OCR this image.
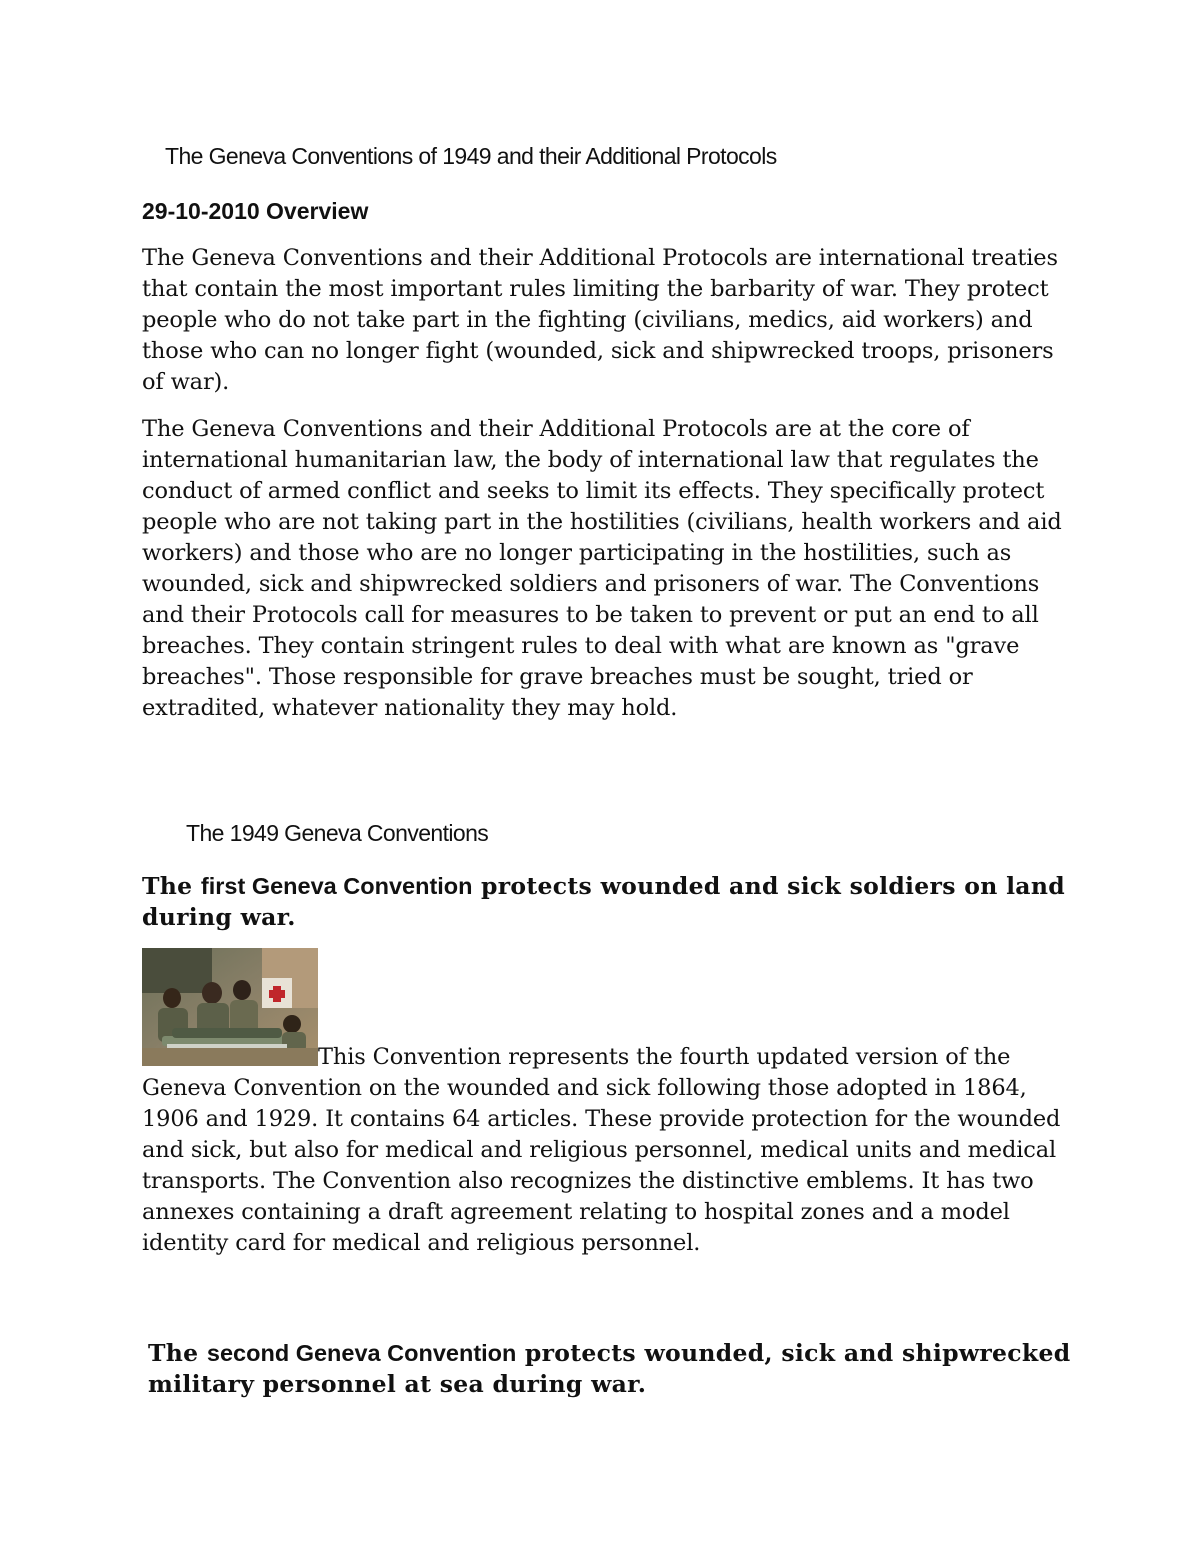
The Geneva Conventions of 1949 and their Additional Protocols
29-10-2010 Overview

The Geneva Conventions and their Additional Protocols are international treaties that contain the most important rules limiting the barbarity of war. They protect people who do not take part in the fighting (civilians, medics, aid workers) and those who can no longer fight (wounded, sick and shipwrecked troops, prisoners of war).

The Geneva Conventions and their Additional Protocols are at the core of international humanitarian law, the body of international law that regulates the conduct of armed conflict and seeks to limit its effects. They specifically protect people who are not taking part in the hostilities (civilians, health workers and aid workers) and those who are no longer participating in the hostilities, such as wounded, sick and shipwrecked soldiers and prisoners of war. The Conventions and their Protocols call for measures to be taken to prevent or put an end to all breaches. They contain stringent rules to deal with what are known as "grave breaches". Those responsible for grave breaches must be sought, tried or extradited, whatever nationality they may hold.

The 1949 Geneva Conventions
The first Geneva Convention protects wounded and sick soldiers on land during war.

This Convention represents the fourth updated version of the Geneva Convention on the wounded and sick following those adopted in 1864, 1906 and 1929. It contains 64 articles. These provide protection for the wounded and sick, but also for medical and religious personnel, medical units and medical transports. The Convention also recognizes the distinctive emblems. It has two annexes containing a draft agreement relating to hospital zones and a model identity card for medical and religious personnel.

The second Geneva Convention protects wounded, sick and shipwrecked military personnel at sea during war.
